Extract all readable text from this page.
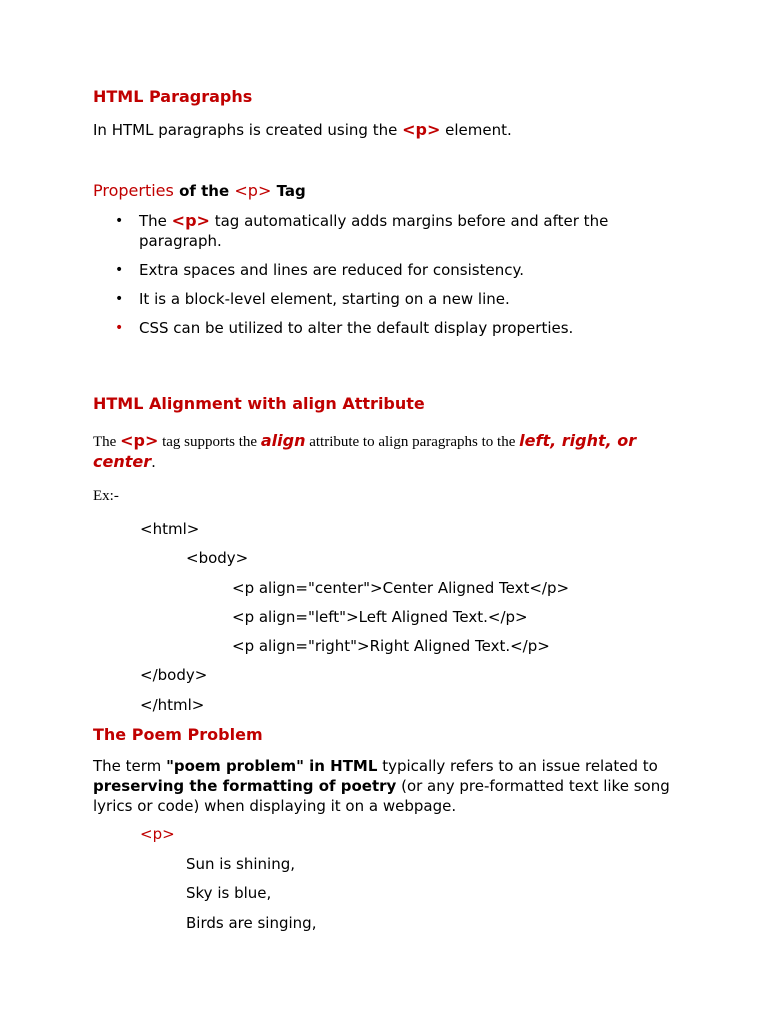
HTML Paragraphs
In HTML paragraphs is created using the <p> element.
Properties of the <p> Tag
• The <p> tag automatically adds margins before and after the paragraph.
• Extra spaces and lines are reduced for consistency.
• It is a block-level element, starting on a new line.
• CSS can be utilized to alter the default display properties.
HTML Alignment with align Attribute
The <p> tag supports the align attribute to align paragraphs to the left, right, or center.
Ex:-
<html>
<body>
<p align="center">Center Aligned Text</p>
<p align="left">Left Aligned Text.</p>
<p align="right">Right Aligned Text.</p>
</body>
</html>
The Poem Problem
The term "poem problem" in HTML typically refers to an issue related to preserving the formatting of poetry (or any pre-formatted text like song lyrics or code) when displaying it on a webpage.
<p>
Sun is shining,
Sky is blue,
Birds are singing,
